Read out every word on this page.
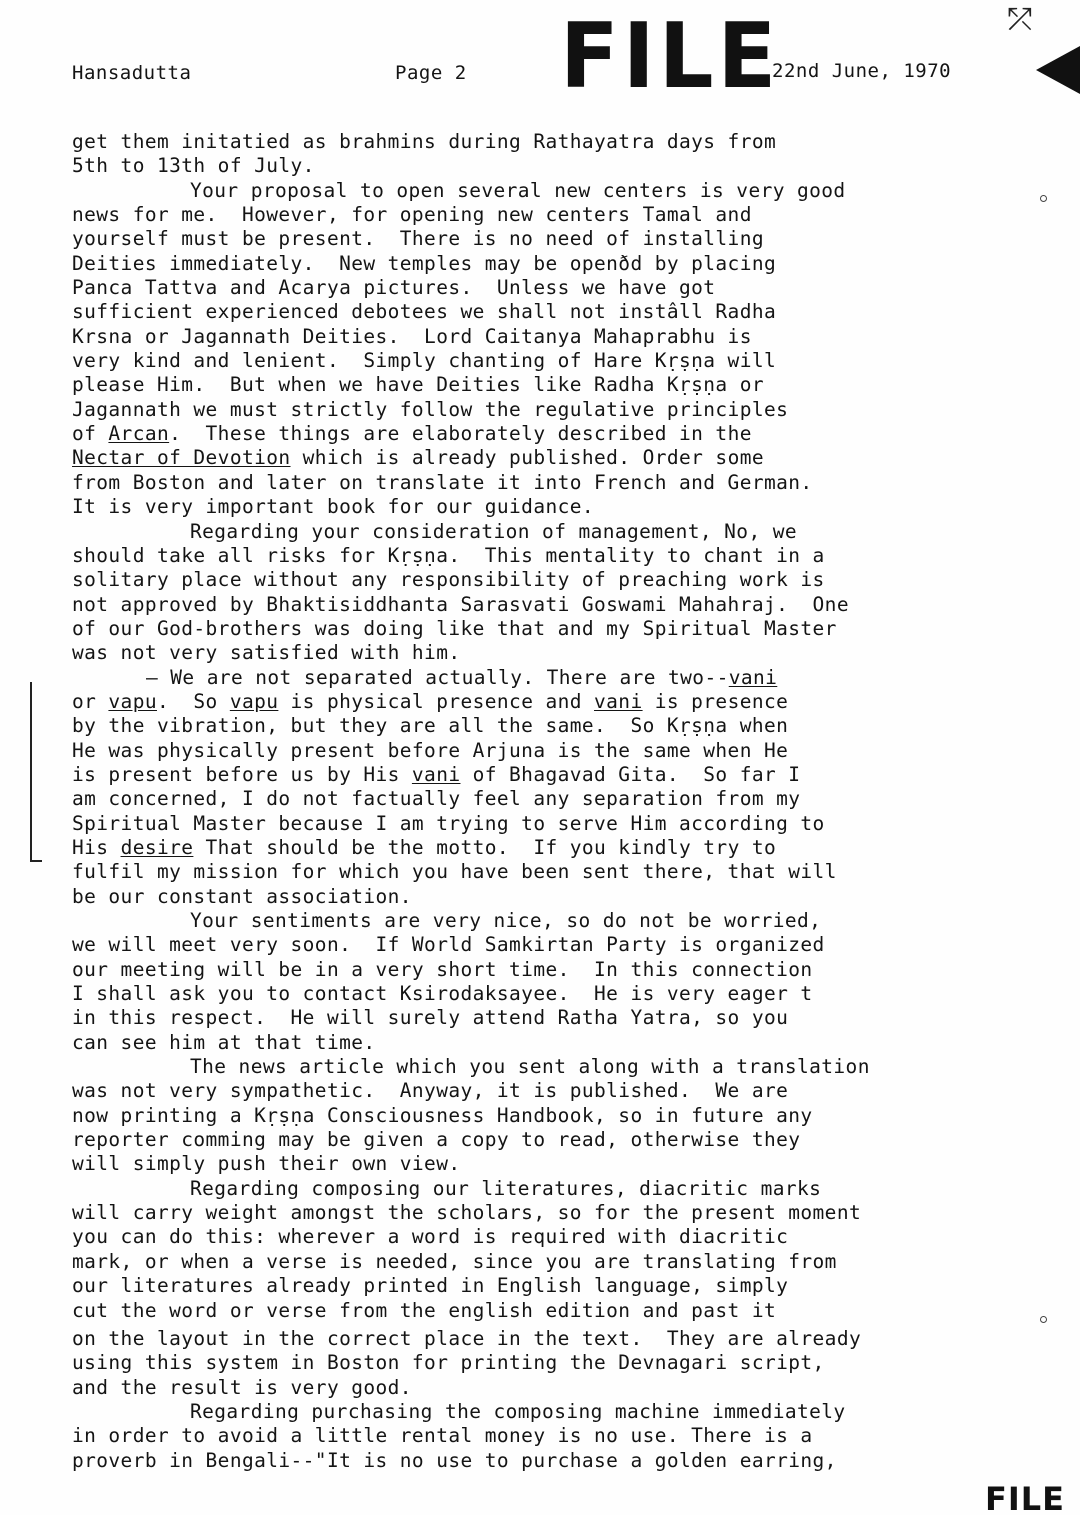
⤱
Hansadutta	Page 2 FILE
22nd June, 1970
get them initatied as brahmins during Rathayatra days from
5th to 13th of July.
Your proposal to open several new centers is very good
news for me.  However, for opening new centers Tamal and
yourself must be present.  There is no need of installing
Deities immediately.  New temples may be openðd by placing
Panca Tattva and Acarya pictures.  Unless we have got
sufficient experienced debotees we shall not instâll Radha
Krsna or Jagannath Deities.  Lord Caitanya Mahaprabhu is
very kind and lenient.  Simply chanting of Hare Kṛṣṇa will
please Him.  But when we have Deities like Radha Kṛṣṇa or
Jagannath we must strictly follow the regulative principles
of Arcan.  These things are elaborately described in the
Nectar of Devotion which is already published. Order some
from Boston and later on translate it into French and German.
It is very important book for our guidance.
Regarding your consideration of management, No, we
should take all risks for Kṛṣṇa.  This mentality to chant in a
solitary place without any responsibility of preaching work is
not approved by Bhaktisiddhanta Sarasvati Goswami Mahahraj.  One
of our God-brothers was doing like that and my Spiritual Master
was not very satisfied with him.
— We are not separated actually. There are two--vani
or vapu.  So vapu is physical presence and vani is presence
by the vibration, but they are all the same.  So Kṛṣṇa when
He was physically present before Arjuna is the same when He
is present before us by His vani of Bhagavad Gita.  So far I
am concerned, I do not factually feel any separation from my
Spiritual Master because I am trying to serve Him according to
His desire That should be the motto.  If you kindly try to
fulfil my mission for which you have been sent there, that will
be our constant association.
Your sentiments are very nice, so do not be worried,
we will meet very soon.  If World Samkirtan Party is organized
our meeting will be in a very short time.  In this connection
I shall ask you to contact Ksirodaksayee.  He is very eager t
in this respect.  He will surely attend Ratha Yatra, so you
can see him at that time.
The news article which you sent along with a translation
was not very sympathetic.  Anyway, it is published.  We are
now printing a Kṛṣṇa Consciousness Handbook, so in future any
reporter comming may be given a copy to read, otherwise they
will simply push their own view.
Regarding composing our literatures, diacritic marks
will carry weight amongst the scholars, so for the present moment
you can do this: wherever a word is required with diacritic
mark, or when a verse is needed, since you are translating from
our literatures already printed in English language, simply
cut the word or verse from the english edition and past it
on the layout in the correct place in the text.  They are already
using this system in Boston for printing the Devnagari script,
and the result is very good.
Regarding purchasing the composing machine immediately
in order to avoid a little rental money is no use. There is a
proverb in Bengali--"It is no use to purchase a golden earring,
FILE
